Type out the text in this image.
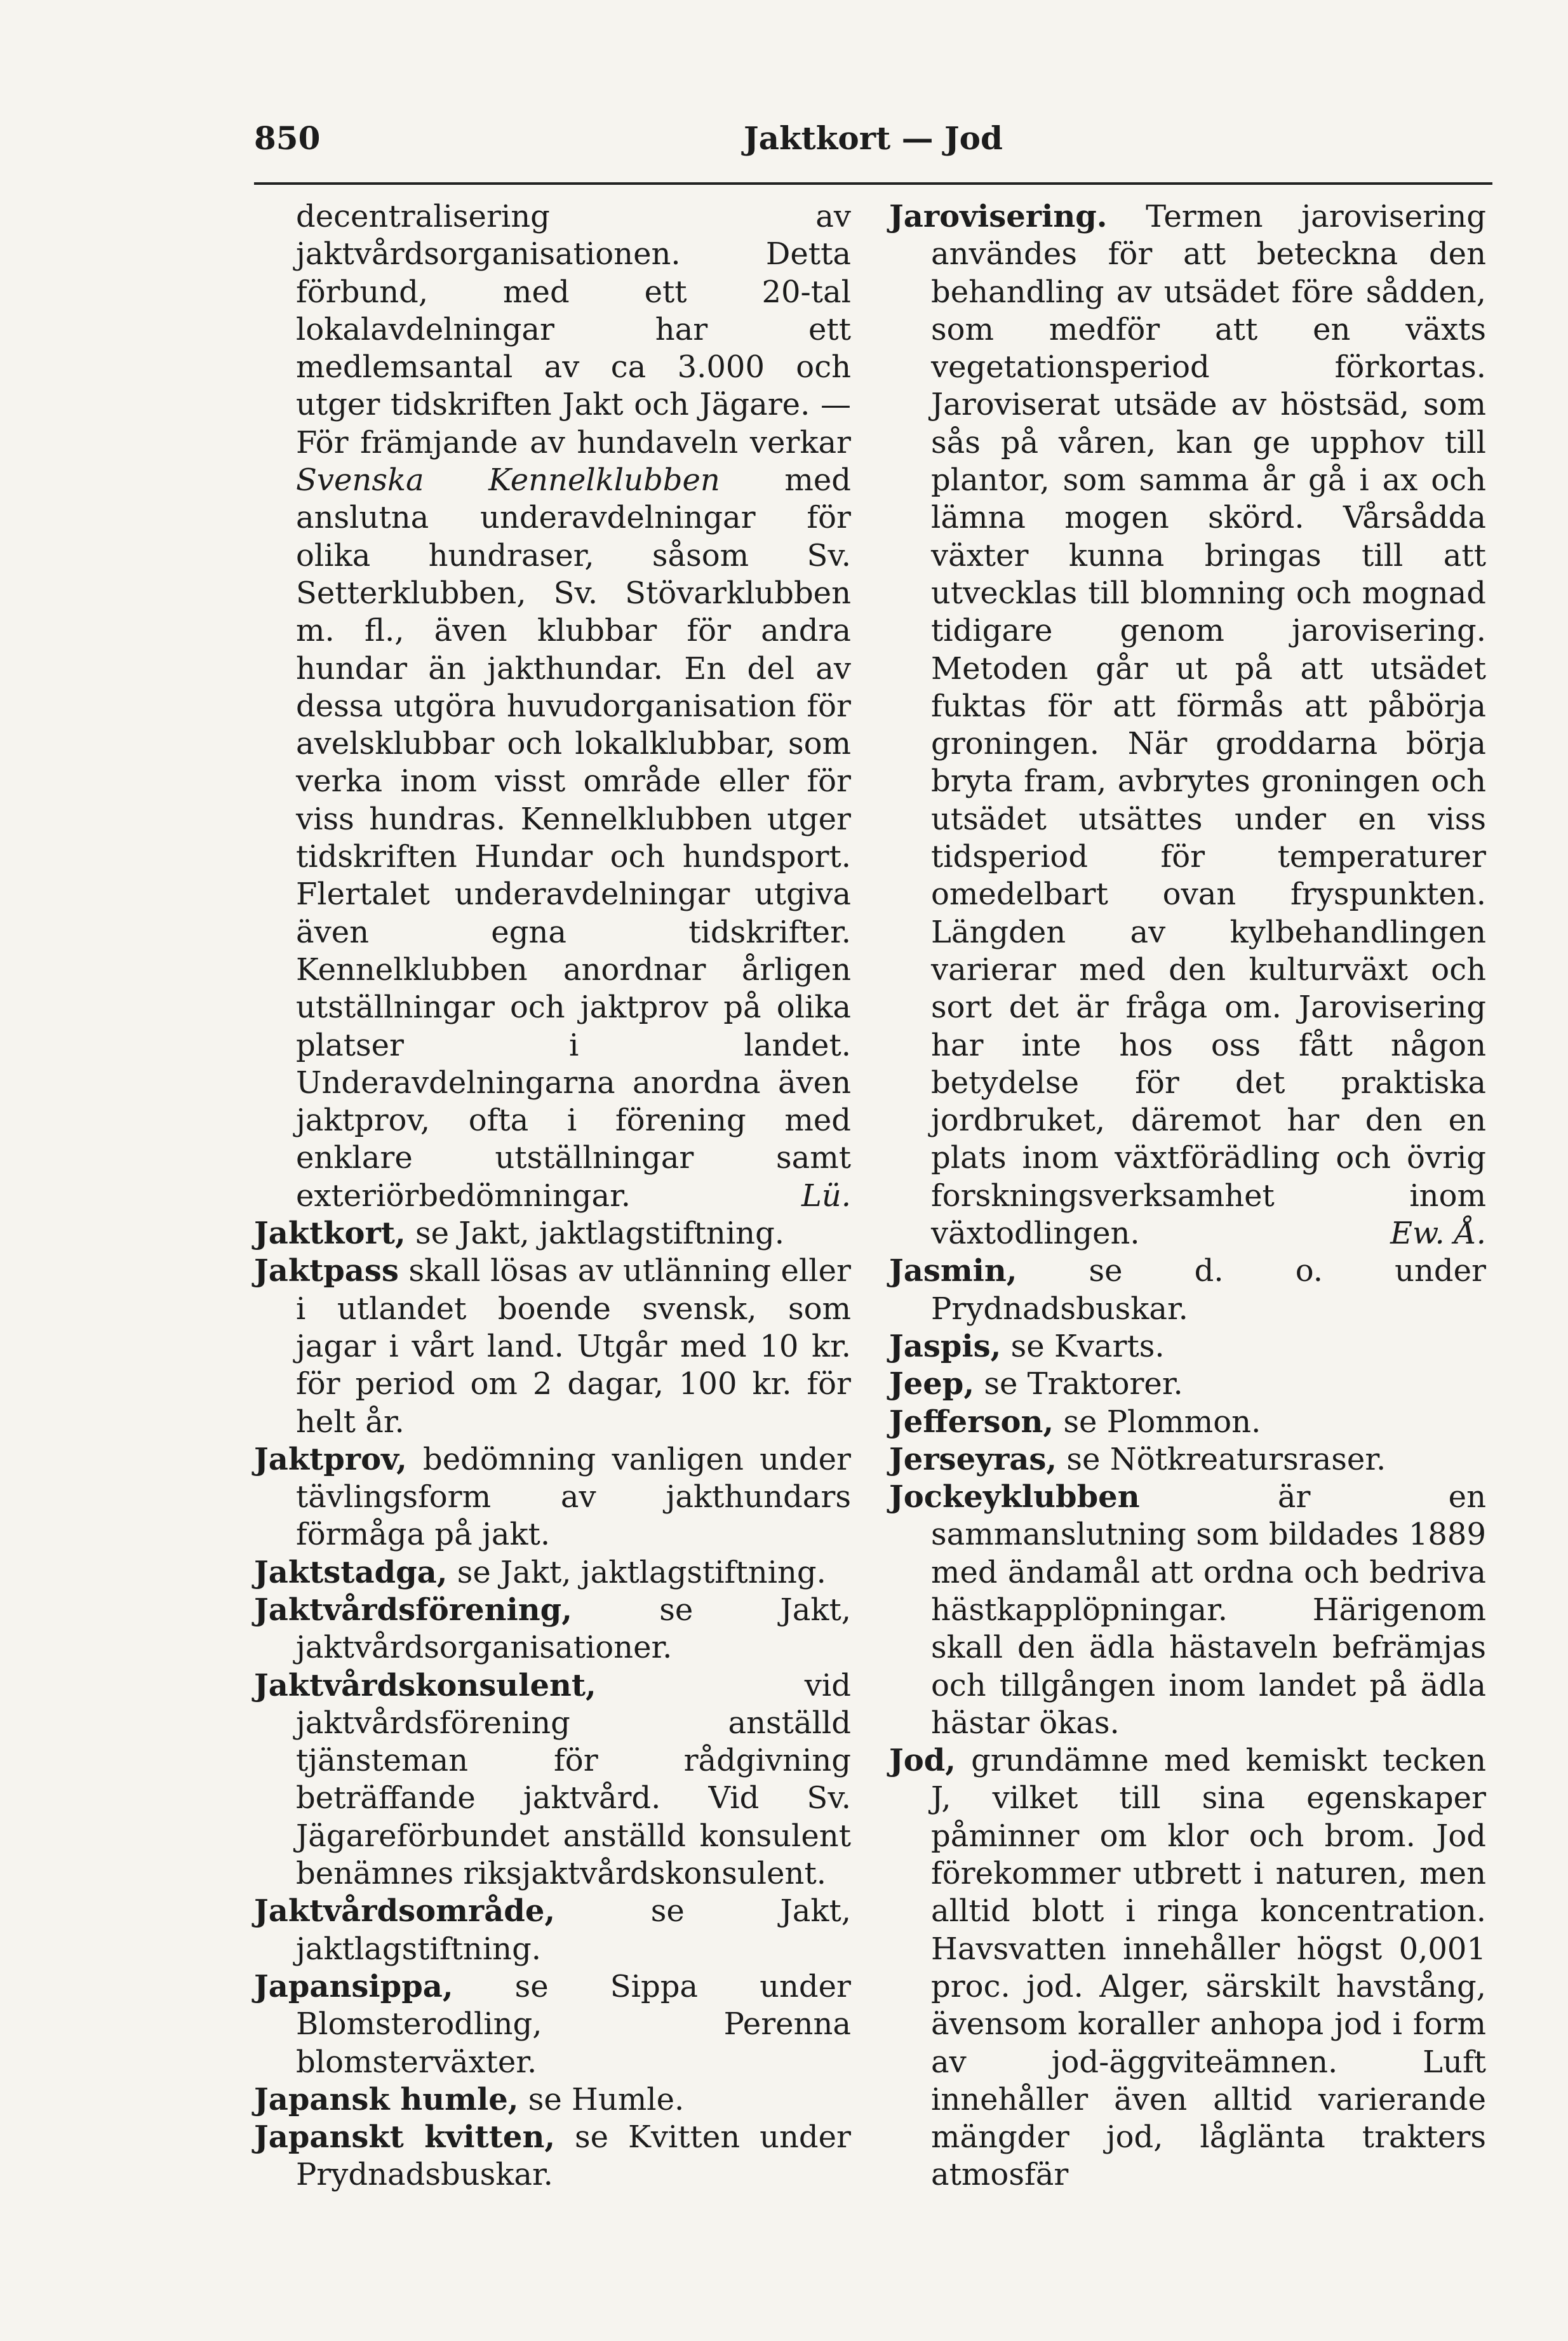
850	Jaktkort — Jod

decentralisering av jaktvårdsorganisationen. Detta förbund, med ett 20-tal lokalavdelningar har ett medlemsantal av ca 3.000 och utger tidskriften Jakt och Jägare. — För främjande av hundaveln verkar Svenska Kennelklubben med anslutna underavdelningar för olika hundraser, såsom Sv. Setterklubben, Sv. Stövarklubben m. fl., även klubbar för andra hundar än jakthundar. En del av dessa utgöra huvudorganisation för avelsklubbar och lokalklubbar, som verka inom visst område eller för viss hundras. Kennelklubben utger tidskriften Hundar och hundsport. Flertalet underavdelningar utgiva även egna tidskrifter. Kennelklubben anordnar årligen utställningar och jaktprov på olika platser i landet. Underavdelningarna anordna även jaktprov, ofta i förening med enklare utställningar samt exteriörbedömningar.	Lü.

Jaktkort, se Jakt, jaktlagstiftning.

Jaktpass skall lösas av utlänning eller i utlandet boende svensk, som jagar i vårt land. Utgår med 10 kr. för period om 2 dagar, 100 kr. för helt år.

Jaktprov, bedömning vanligen under tävlingsform av jakthundars förmåga på jakt.

Jaktstadga, se Jakt, jaktlagstiftning.

Jaktvårdsförening,	se Jakt, jaktvårdsorganisationer.

Jaktvårdskonsulent,	vid jaktvårdsförening anställd tjänsteman för rådgivning beträffande jaktvård. Vid Sv. Jägareförbundet anställd konsulent benämnes riksjaktvårdskonsulent.

Jaktvårdsområde,	se Jakt, jaktlagstiftning.

Japansippa, se Sippa under Blomsterodling, Perenna blomsterväxter.

Japansk humle, se Humle.

Japanskt kvitten, se Kvitten under Prydnadsbuskar.

Jarovisering. Termen jarovisering användes för att beteckna den behandling av utsädet före sådden, som medför att en växts vegetationsperiod förkortas. Jaroviserat utsäde av höstsäd, som sås på våren, kan ge upphov till plantor, som samma år gå i ax och lämna mogen skörd. Vårsådda växter kunna bringas till att utvecklas till blomning och mognad tidigare genom jarovisering. Metoden går ut på att utsädet fuktas för att förmås att påbörja groningen. När groddarna börja bryta fram, avbrytes groningen och utsädet utsättes under en viss tidsperiod för temperaturer omedelbart ovan fryspunkten. Längden av kylbehandlingen varierar med den kulturväxt och sort det är fråga om. Jarovisering har inte hos oss fått någon betydelse för det praktiska jordbruket, däremot har den en plats inom växtförädling och övrig forskningsverksamhet inom växtodlingen.	Ew. Å.

Jasmin, se d. o. under Prydnadsbuskar.

Jaspis, se Kvarts.

Jeep, se Traktorer.

Jefferson, se Plommon.

Jerseyras, se Nötkreatursraser.

Jockeyklubben	är en sammanslutning som bildades 1889 med ändamål att ordna och bedriva hästkapplöpningar. Härigenom skall den ädla hästaveln befrämjas och tillgången inom landet på ädla hästar ökas.

Jod, grundämne med kemiskt tecken J, vilket till sina egenskaper påminner om klor och brom. Jod förekommer utbrett i naturen, men alltid blott i ringa koncentration. Havsvatten innehåller högst 0,001 proc. jod. Alger, särskilt havstång, ävensom koraller anhopa jod i form av jod-äggviteämnen. Luft innehåller även alltid varierande mängder jod, låglänta trakters atmosfär
